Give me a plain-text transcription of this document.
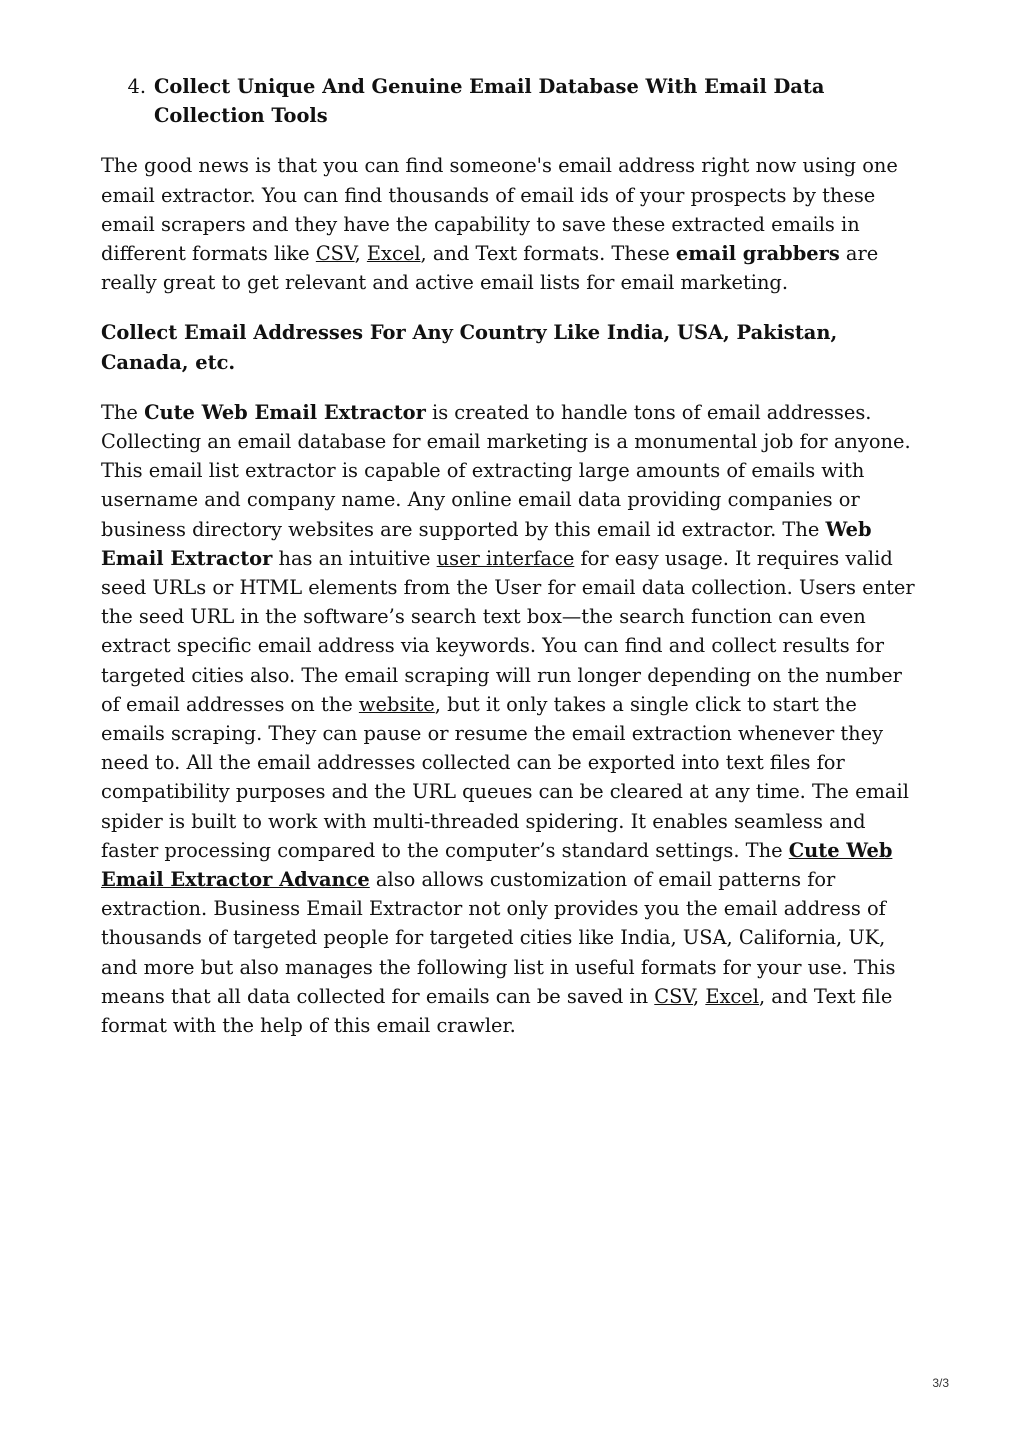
4. Collect Unique And Genuine Email Database With Email Data Collection Tools

The good news is that you can find someone's email address right now using one email extractor. You can find thousands of email ids of your prospects by these email scrapers and they have the capability to save these extracted emails in different formats like CSV, Excel, and Text formats. These email grabbers are really great to get relevant and active email lists for email marketing.

Collect Email Addresses For Any Country Like India, USA, Pakistan, Canada, etc.

The Cute Web Email Extractor is created to handle tons of email addresses. Collecting an email database for email marketing is a monumental job for anyone. This email list extractor is capable of extracting large amounts of emails with username and company name. Any online email data providing companies or business directory websites are supported by this email id extractor. The Web Email Extractor has an intuitive user interface for easy usage. It requires valid seed URLs or HTML elements from the User for email data collection. Users enter the seed URL in the software’s search text box—the search function can even extract specific email address via keywords. You can find and collect results for targeted cities also. The email scraping will run longer depending on the number of email addresses on the website, but it only takes a single click to start the emails scraping. They can pause or resume the email extraction whenever they need to. All the email addresses collected can be exported into text files for compatibility purposes and the URL queues can be cleared at any time. The email spider is built to work with multi-threaded spidering. It enables seamless and faster processing compared to the computer’s standard settings. The Cute Web Email Extractor Advance also allows customization of email patterns for extraction. Business Email Extractor not only provides you the email address of thousands of targeted people for targeted cities like India, USA, California, UK, and more but also manages the following list in useful formats for your use. This means that all data collected for emails can be saved in CSV, Excel, and Text file format with the help of this email crawler.

3/3
